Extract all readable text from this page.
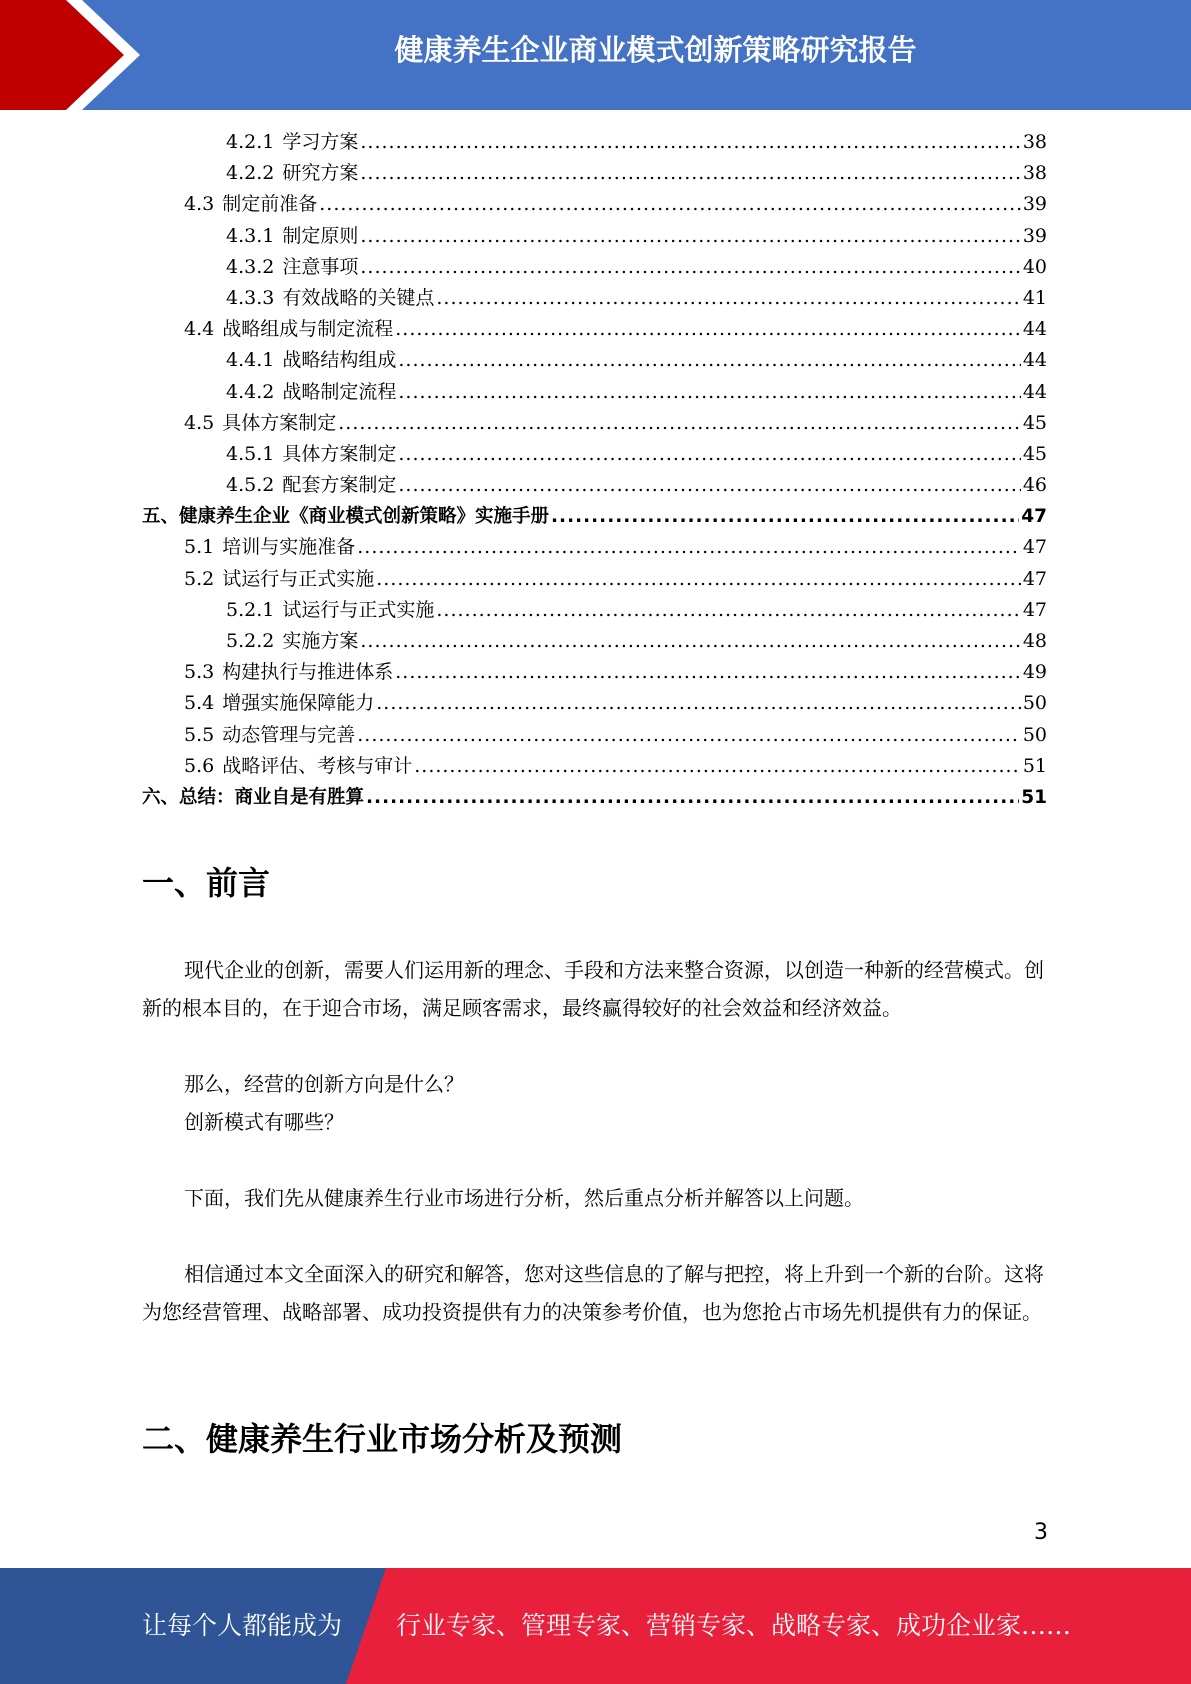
健康养生企业商业模式创新策略研究报告
4.2.1 学习方案 .....	38
4.2.2 研究方案 .....	38
4.3 制定前准备 .....	39
4.3.1 制定原则 .....	39
4.3.2 注意事项 .....	40
4.3.3 有效战略的关键点 .....	41
4.4 战略组成与制定流程 .....	44
4.4.1 战略结构组成 .....	44
4.4.2 战略制定流程 .....	44
4.5 具体方案制定 .....	45
4.5.1 具体方案制定 .....	45
4.5.2 配套方案制定 .....	46
五、健康养生企业《商业模式创新策略》实施手册 .....	47
5.1 培训与实施准备 .....	47
5.2 试运行与正式实施 .....	47
5.2.1 试运行与正式实施 .....	47
5.2.2 实施方案 .....	48
5.3 构建执行与推进体系 .....	49
5.4 增强实施保障能力 .....	50
5.5 动态管理与完善 .....	50
5.6 战略评估、考核与审计 .....	51
六、总结：商业自是有胜算 .....	51
一、前言
现代企业的创新，需要人们运用新的理念、手段和方法来整合资源，以创造一种新的经营模式。创新的根本目的，在于迎合市场，满足顾客需求，最终赢得较好的社会效益和经济效益。
那么，经营的创新方向是什么？
创新模式有哪些？
下面，我们先从健康养生行业市场进行分析，然后重点分析并解答以上问题。
相信通过本文全面深入的研究和解答，您对这些信息的了解与把控，将上升到一个新的台阶。这将为您经营管理、战略部署、成功投资提供有力的决策参考价值，也为您抢占市场先机提供有力的保证。
二、健康养生行业市场分析及预测
3
让每个人都能成为 行业专家、管理专家、营销专家、战略专家、成功企业家……
